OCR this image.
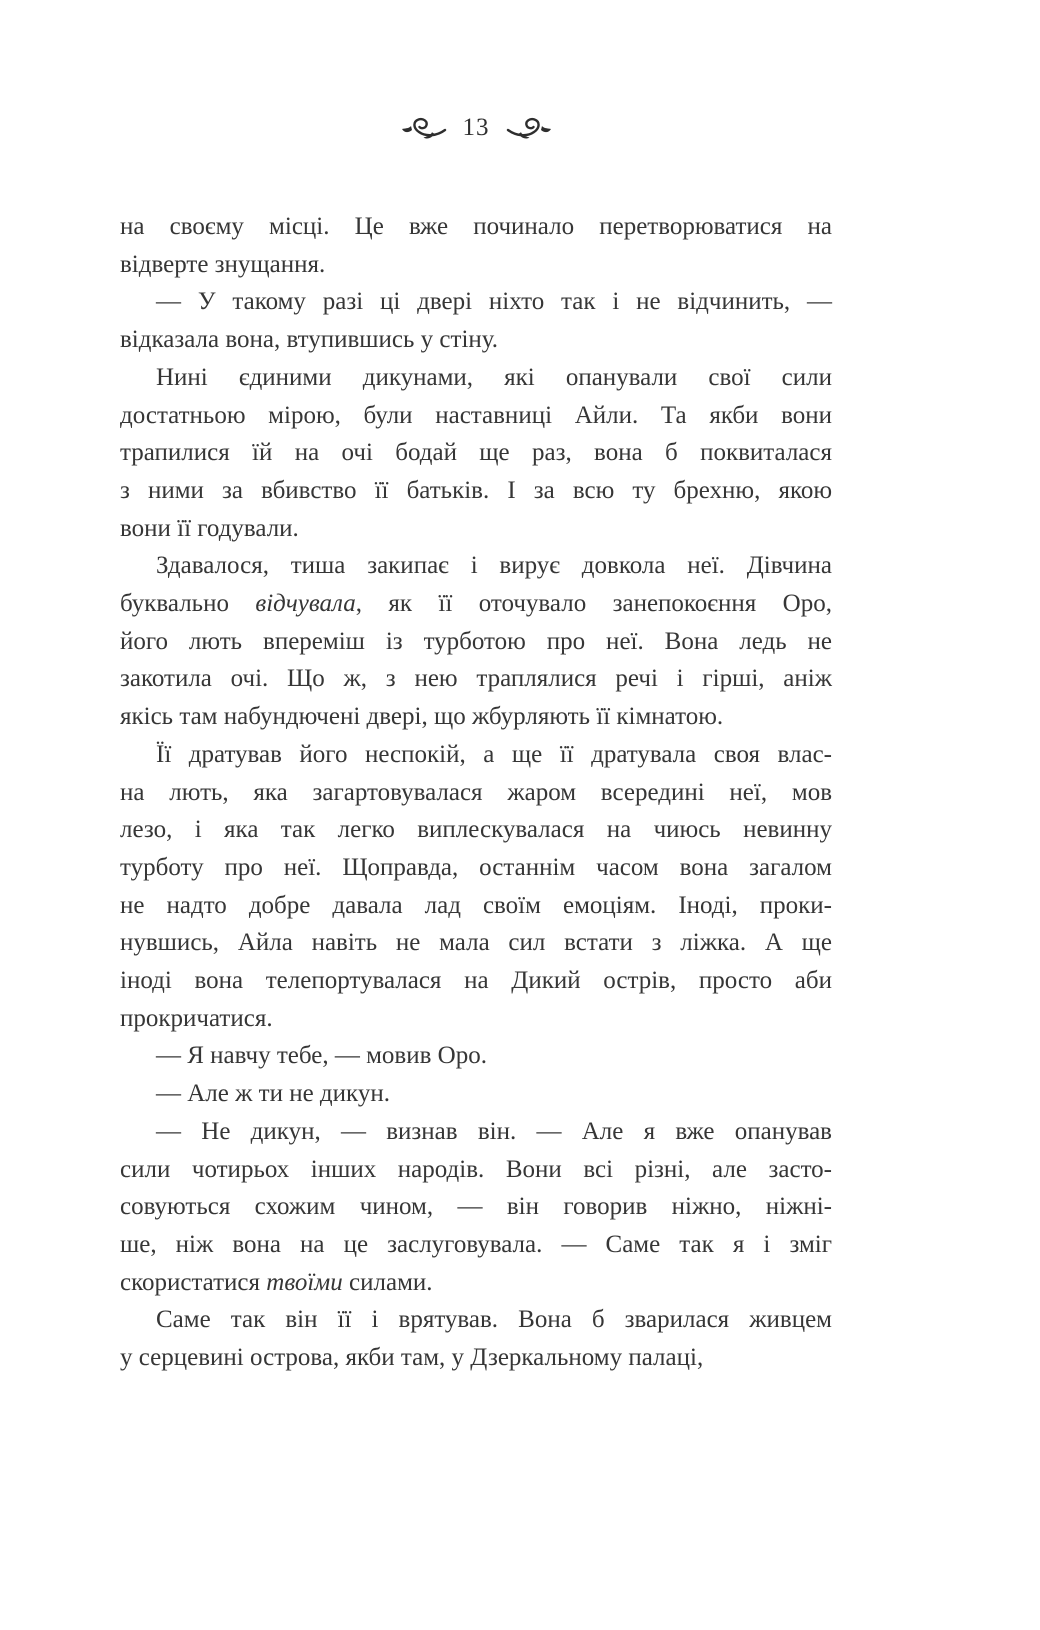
13

на своєму місці. Це вже починало перетворюватися на
відверте знущання.

— У такому разі ці двері ніхто так і не відчинить, —
відказала вона, втупившись у стіну.

Нині єдиними дикунами, які опанували свої сили
достатньою мірою, були наставниці Айли. Та якби вони
трапилися їй на очі бодай ще раз, вона б поквиталася
з ними за вбивство її батьків. І за всю ту брехню, якою
вони її годували.

Здавалося, тиша закипає і вирує довкола неї. Дівчина
буквально відчувала, як її оточувало занепокоєння Оро,
його лють впереміш із турботою про неї. Вона ледь не
закотила очі. Що ж, з нею траплялися речі і гірші, аніж
якісь там набундючені двері, що жбурляють її кімнатою.

Її дратував його неспокій, а ще її дратувала своя влас-
на лють, яка загартовувалася жаром всередині неї, мов
лезо, і яка так легко виплескувалася на чиюсь невинну
турботу про неї. Щоправда, останнім часом вона загалом
не надто добре давала лад своїм емоціям. Іноді, проки-
нувшись, Айла навіть не мала сил встати з ліжка. А ще
іноді вона телепортувалася на Дикий острів, просто аби
прокричатися.

— Я навчу тебе, — мовив Оро.

— Але ж ти не дикун.

— Не дикун, — визнав він. — Але я вже опанував
сили чотирьох інших народів. Вони всі різні, але засто-
совуються схожим чином, — він говорив ніжно, ніжні-
ше, ніж вона на це заслуговувала. — Саме так я і зміг
скористатися твоїми силами.

Саме так він її і врятував. Вона б зварилася живцем
у серцевині острова, якби там, у Дзеркальному палаці,
